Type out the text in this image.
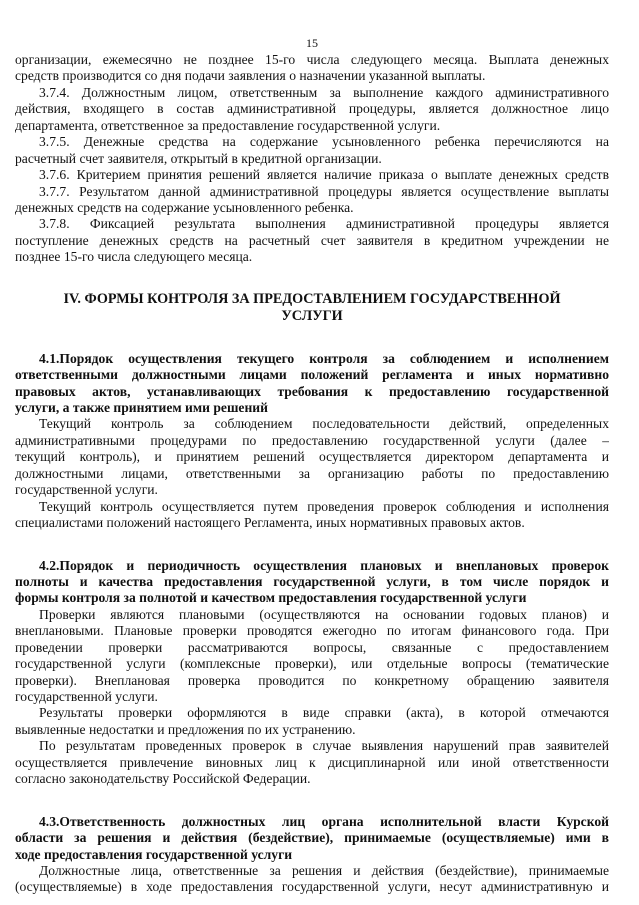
15
организации, ежемесячно не позднее 15-го числа следующего месяца. Выплата денежных
средств производится со дня подачи заявления о назначении указанной выплаты.
3.7.4. Должностным лицом, ответственным за выполнение каждого административного
действия, входящего в состав административной процедуры, является должностное лицо
департамента, ответственное за предоставление государственной услуги.
3.7.5. Денежные средства на содержание усыновленного ребенка перечисляются на
расчетный счет заявителя, открытый в кредитной организации.
3.7.6. Критерием принятия решений является наличие приказа о выплате денежных средств
3.7.7. Результатом данной административной процедуры является осуществление выплаты
денежных средств на содержание усыновленного ребенка.
3.7.8. Фиксацией результата выполнения административной процедуры является
поступление денежных средств на расчетный счет заявителя в кредитном учреждении не
позднее 15-го числа следующего месяца.
IV. ФОРМЫ КОНТРОЛЯ ЗА ПРЕДОСТАВЛЕНИЕМ ГОСУДАРСТВЕННОЙ
УСЛУГИ
4.1.Порядок осуществления текущего контроля за соблюдением и исполнением
ответственными должностными лицами положений регламента и иных нормативно
правовых актов, устанавливающих требования к предоставлению государственной
услуги, а также принятием ими решений
Текущий контроль за соблюдением последовательности действий, определенных
административными процедурами по предоставлению государственной услуги (далее –
текущий контроль), и принятием решений осуществляется директором департамента и
должностными лицами, ответственными за организацию работы по предоставлению
государственной услуги.
Текущий контроль осуществляется путем проведения проверок соблюдения и исполнения
специалистами положений настоящего Регламента, иных нормативных правовых актов.
4.2.Порядок и периодичность осуществления плановых и внеплановых проверок
полноты и качества предоставления государственной услуги, в том числе порядок и
формы контроля за полнотой и качеством предоставления государственной услуги
Проверки являются плановыми (осуществляются на основании годовых планов) и
внеплановыми. Плановые проверки проводятся ежегодно по итогам финансового года. При
проведении проверки рассматриваются вопросы, связанные с предоставлением
государственной услуги (комплексные проверки), или отдельные вопросы (тематические
проверки). Внеплановая проверка проводится по конкретному обращению заявителя
государственной услуги.
Результаты проверки оформляются в виде справки (акта), в которой отмечаются
выявленные недостатки и предложения по их устранению.
По результатам проведенных проверок в случае выявления нарушений прав заявителей
осуществляется привлечение виновных лиц к дисциплинарной или иной ответственности
согласно законодательству Российской Федерации.
4.3.Ответственность должностных лиц органа исполнительной власти Курской
области за решения и действия (бездействие), принимаемые (осуществляемые) ими в
ходе предоставления государственной услуги
Должностные лица, ответственные за решения и действия (бездействие), принимаемые
(осуществляемые) в ходе предоставления государственной услуги, несут административную и
